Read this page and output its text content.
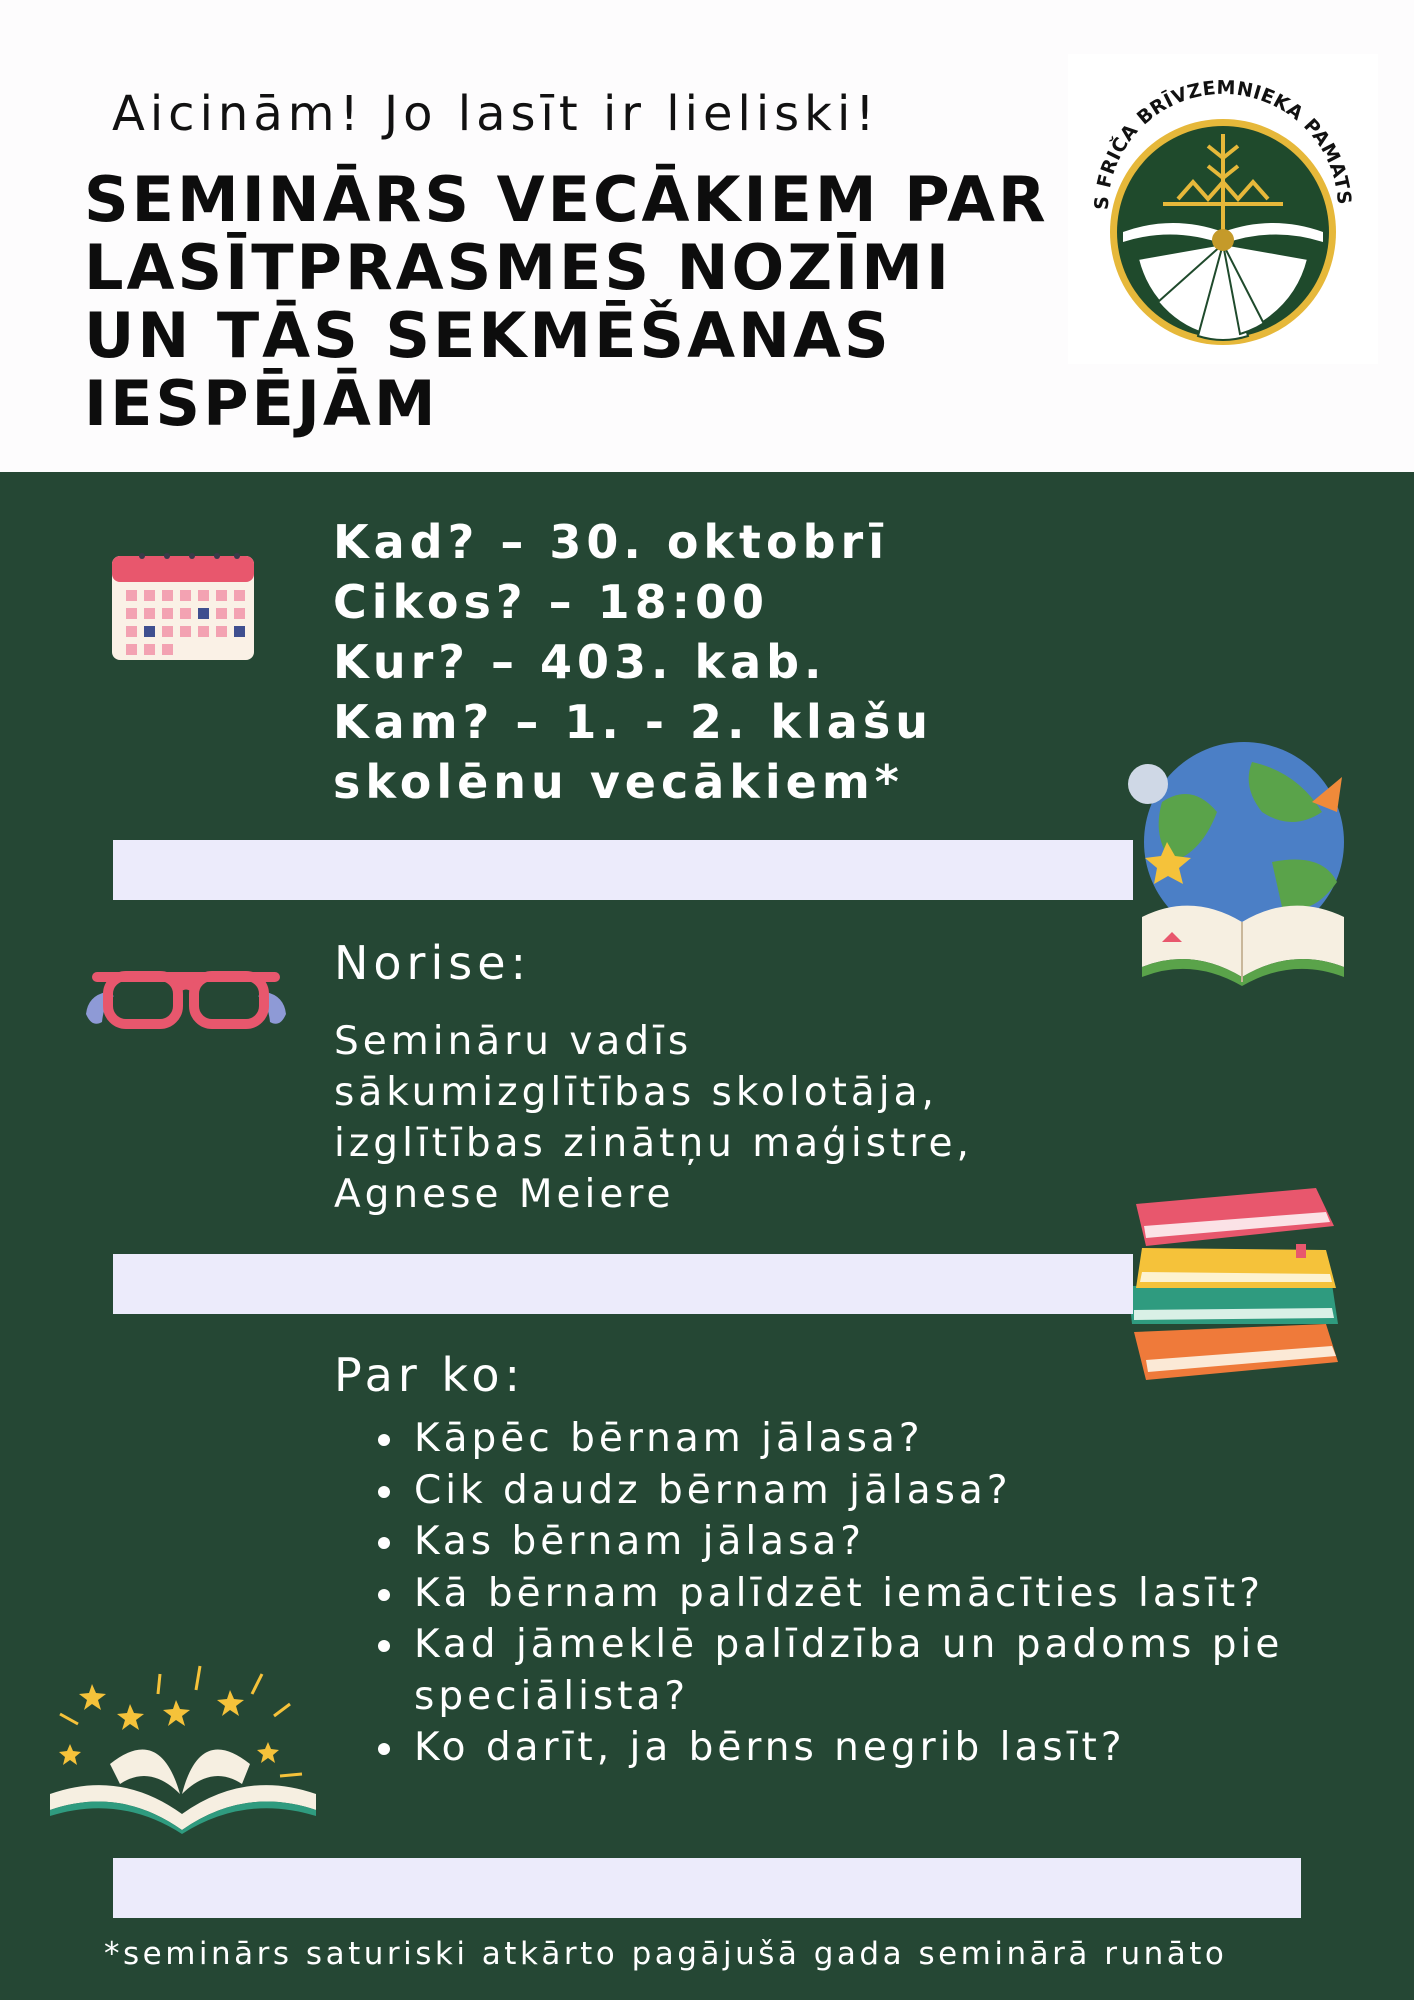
Aicinām! Jo lasīt ir lieliski!
SEMINĀRS VECĀKIEM PAR LASĪTPRASMES NOZĪMI UN TĀS SEKMĒŠANAS IESPĒJĀM
S FRIČA BRĪVZEMNIEKA PAMATS
Kad? – 30. oktobrī
Cikos? – 18:00
Kur? – 403. kab.
Kam? – 1. - 2. klašu
skolēnu vecākiem*
Norise:
Semināru vadīs
sākumizglītības skolotāja,
izglītības zinātņu maģistre,
Agnese Meiere
Par ko:
• Kāpēc bērnam jālasa?
• Cik daudz bērnam jālasa?
• Kas bērnam jālasa?
• Kā bērnam palīdzēt iemācīties lasīt?
• Kad jāmeklē palīdzība un padoms pie speciālista?
• Ko darīt, ja bērns negrib lasīt?
*seminārs saturiski atkārto pagājušā gada seminārā runāto
